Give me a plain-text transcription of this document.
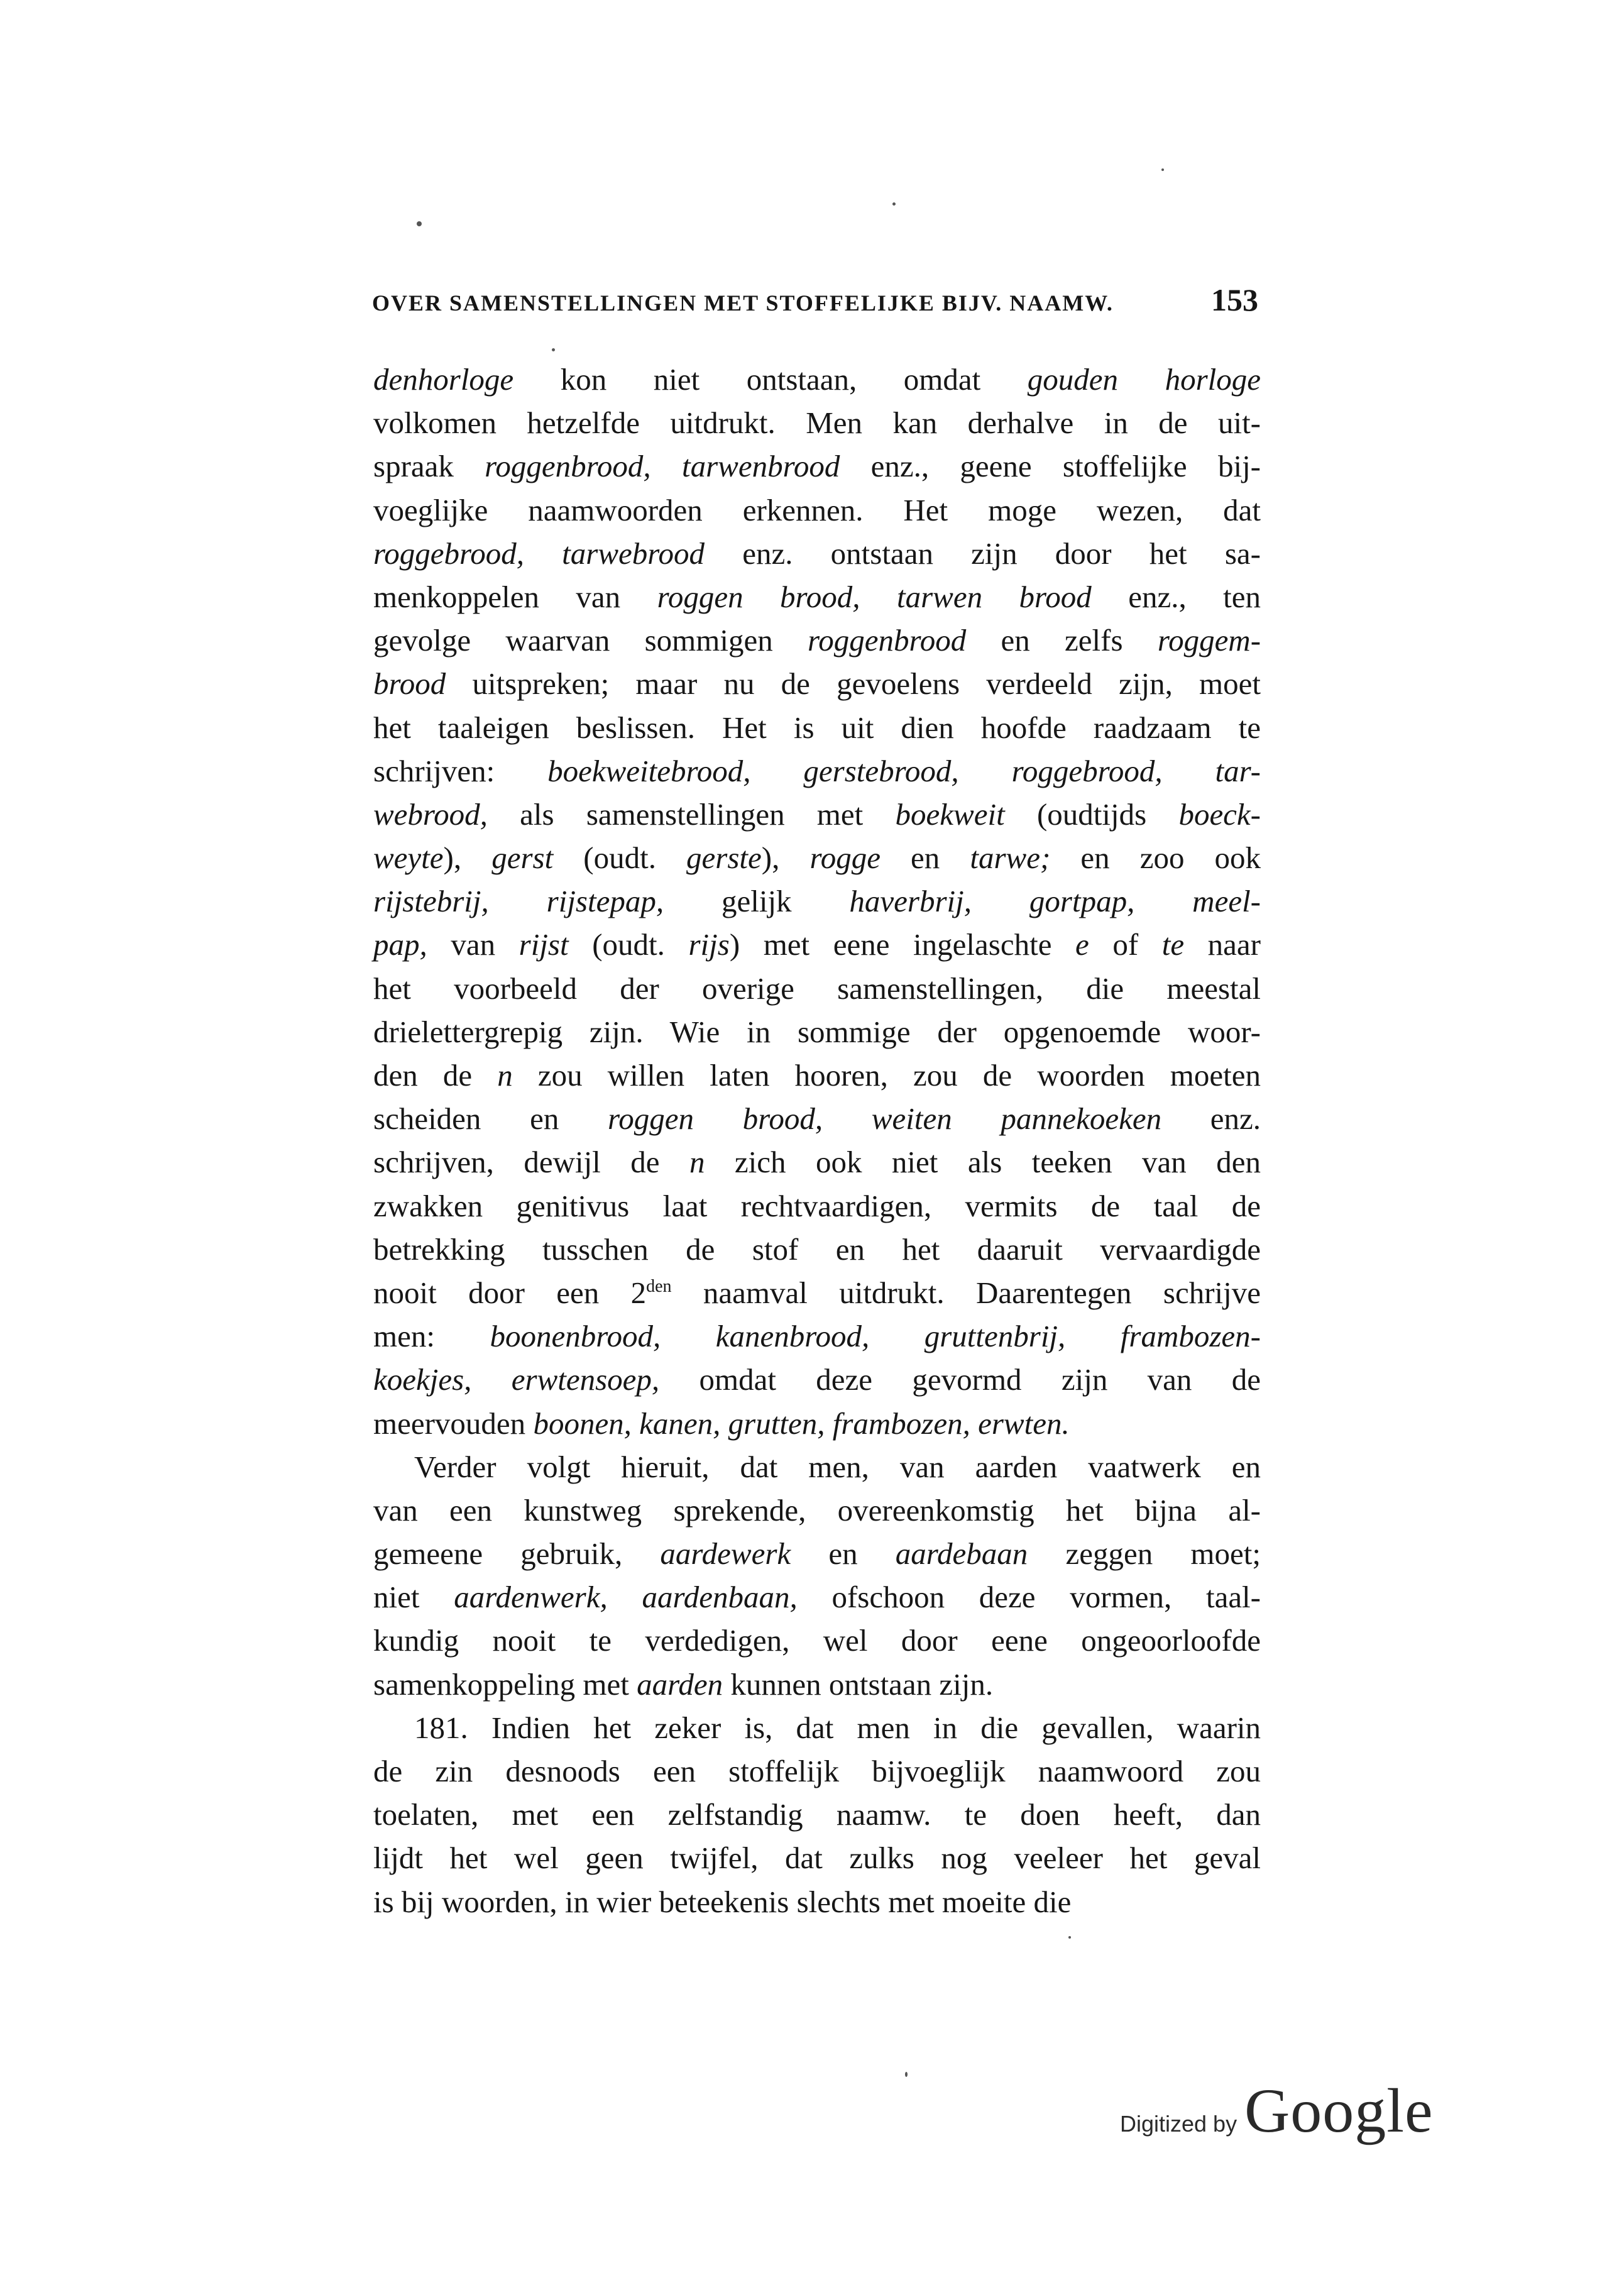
OVER SAMENSTELLINGEN MET STOFFELIJKE BIJV. NAAMW.	153
denhorloge kon niet ontstaan, omdat gouden horloge
volkomen hetzelfde uitdrukt. Men kan derhalve in de uit-
spraak roggenbrood, tarwenbrood enz., geene stoffelijke bij-
voeglijke naamwoorden erkennen. Het moge wezen, dat
roggebrood, tarwebrood enz. ontstaan zijn door het sa-
menkoppelen van roggen brood, tarwen brood enz., ten
gevolge waarvan sommigen roggenbrood en zelfs roggem-
brood uitspreken; maar nu de gevoelens verdeeld zijn, moet
het taaleigen beslissen. Het is uit dien hoofde raadzaam te
schrijven: boekweitebrood, gerstebrood, roggebrood, tar-
webrood, als samenstellingen met boekweit (oudtijds boeck-
weyte), gerst (oudt. gerste), rogge en tarwe; en zoo ook
rijstebrij, rijstepap, gelijk haverbrij, gortpap, meel-
pap, van rijst (oudt. rijs) met eene ingelaschte e of te naar
het voorbeeld der overige samenstellingen, die meestal
drielettergrepig zijn. Wie in sommige der opgenoemde woor-
den de n zou willen laten hooren, zou de woorden moeten
scheiden en roggen brood, weiten pannekoeken enz.
schrijven, dewijl de n zich ook niet als teeken van den
zwakken genitivus laat rechtvaardigen, vermits de taal de
betrekking tusschen de stof en het daaruit vervaardigde
nooit door een $2^{den}$ naamval uitdrukt. Daarentegen schrijve
men: boonenbrood, kanenbrood, gruttenbrij, frambozen-
koekjes, erwtensoep, omdat deze gevormd zijn van de
meervouden boonen, kanen, grutten, frambozen, erwten.
Verder volgt hieruit, dat men, van aarden vaatwerk en
van een kunstweg sprekende, overeenkomstig het bijna al-
gemeene gebruik, aardewerk en aardebaan zeggen moet;
niet aardenwerk, aardenbaan, ofschoon deze vormen, taal-
kundig nooit te verdedigen, wel door eene ongeoorloofde
samenkoppeling met aarden kunnen ontstaan zijn.
181. Indien het zeker is, dat men in die gevallen, waarin
de zin desnoods een stoffelijk bijvoeglijk naamwoord zou
toelaten, met een zelfstandig naamw. te doen heeft, dan
lijdt het wel geen twijfel, dat zulks nog veeleer het geval
is bij woorden, in wier beteekenis slechts met moeite die
Digitized by Google
